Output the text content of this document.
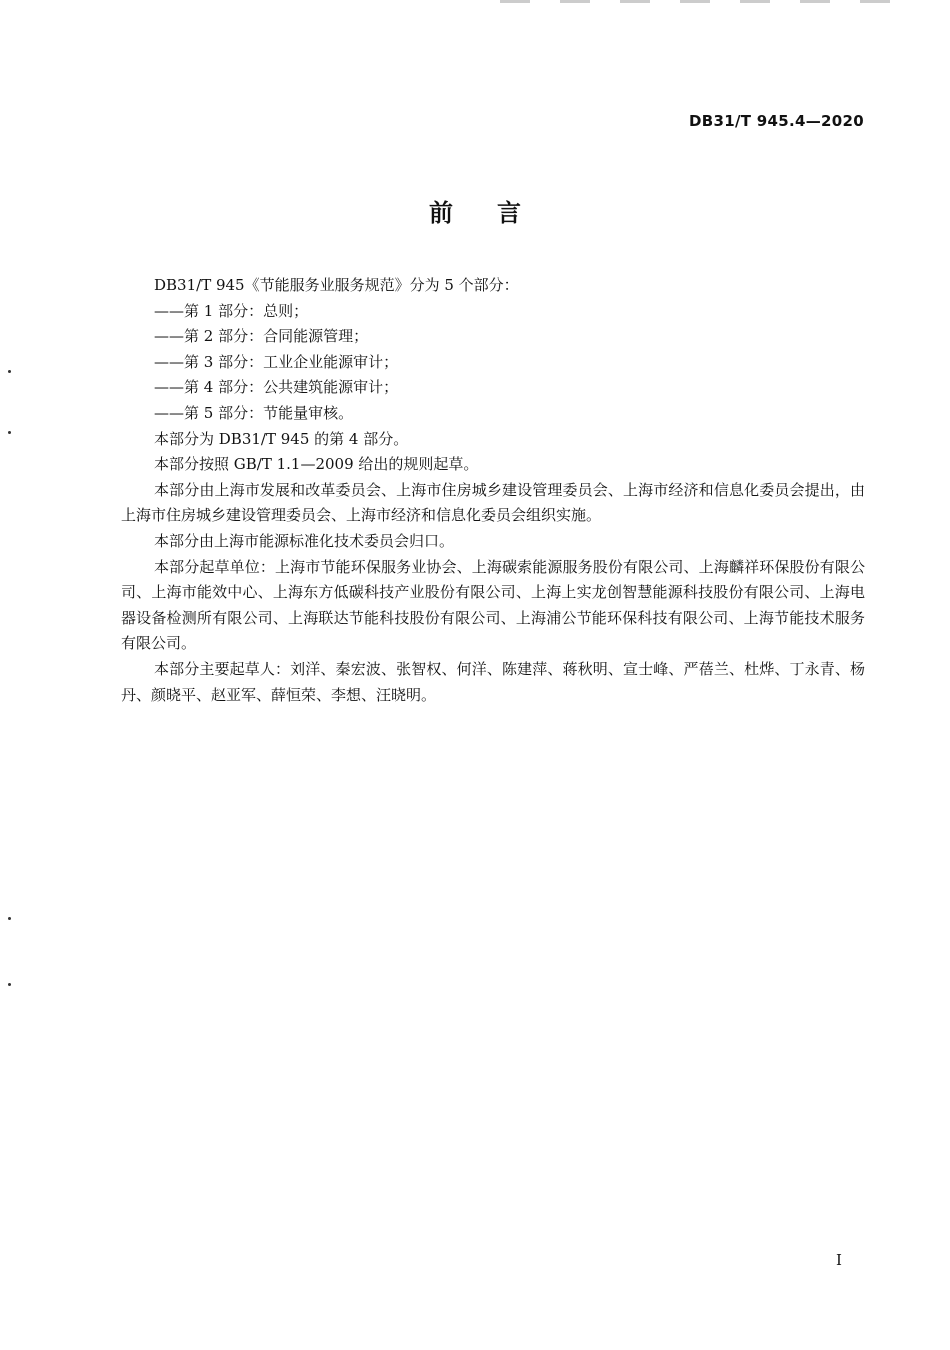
DB31/T 945.4—2020
前言

DB31/T 945《节能服务业服务规范》分为 5 个部分：

——第 1 部分：总则；

——第 2 部分：合同能源管理；

——第 3 部分：工业企业能源审计；

——第 4 部分：公共建筑能源审计；

——第 5 部分：节能量审核。

本部分为 DB31/T 945 的第 4 部分。

本部分按照 GB/T 1.1—2009 给出的规则起草。

本部分由上海市发展和改革委员会、上海市住房城乡建设管理委员会、上海市经济和信息化委员会提出，由上海市住房城乡建设管理委员会、上海市经济和信息化委员会组织实施。

本部分由上海市能源标准化技术委员会归口。

本部分起草单位：上海市节能环保服务业协会、上海碳索能源服务股份有限公司、上海麟祥环保股份有限公司、上海市能效中心、上海东方低碳科技产业股份有限公司、上海上实龙创智慧能源科技股份有限公司、上海电器设备检测所有限公司、上海联达节能科技股份有限公司、上海浦公节能环保科技有限公司、上海节能技术服务有限公司。

本部分主要起草人：刘洋、秦宏波、张智权、何洋、陈建萍、蒋秋明、宣士峰、严蓓兰、杜烨、丁永青、杨丹、颜晓平、赵亚军、薛恒荣、李想、汪晓明。

I
